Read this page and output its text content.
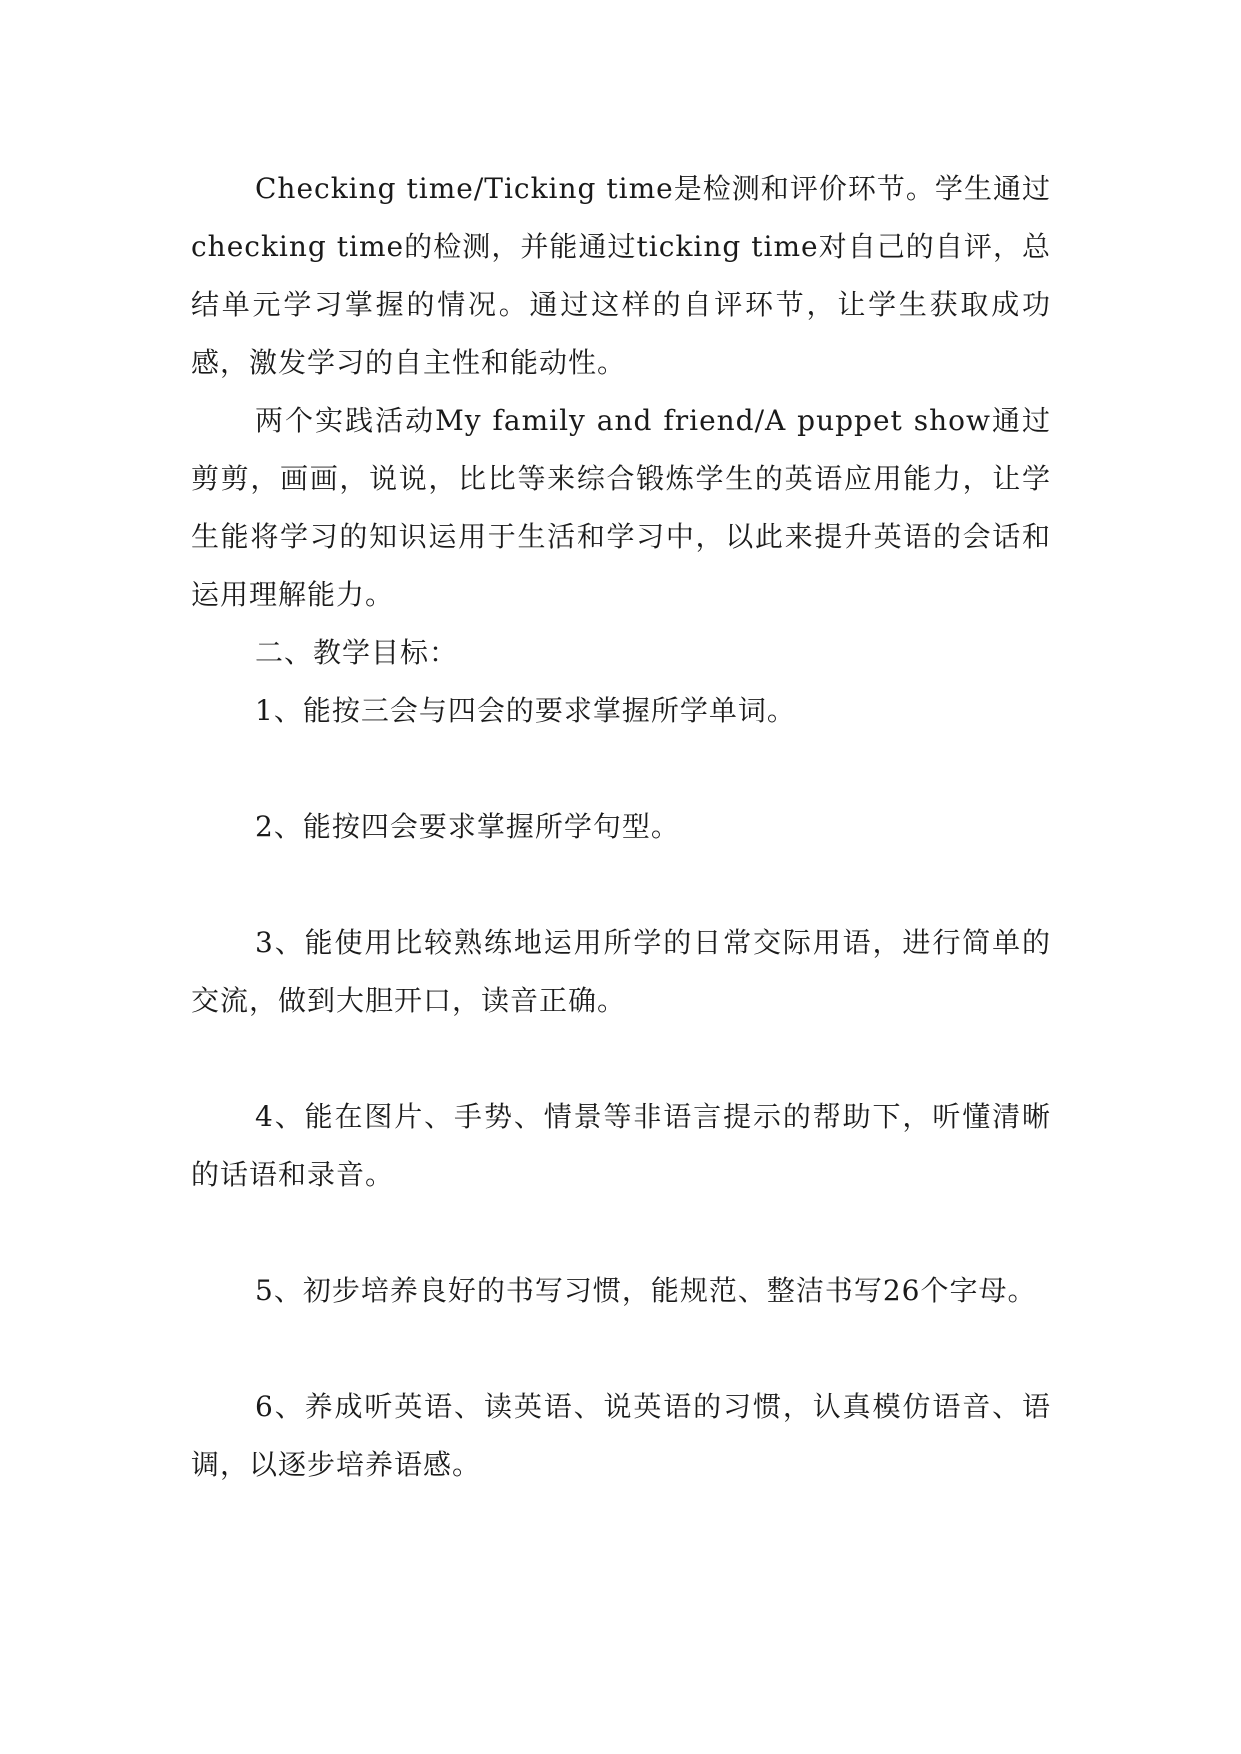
Checking time/Ticking time是检测和评价环节。学生通过checking time的检测，并能通过ticking time对自己的自评，总结单元学习掌握的情况。通过这样的自评环节，让学生获取成功感，激发学习的自主性和能动性。

两个实践活动My family and friend/A puppet show通过剪剪，画画，说说，比比等来综合锻炼学生的英语应用能力，让学生能将学习的知识运用于生活和学习中，以此来提升英语的会话和运用理解能力。

二、教学目标：

1、能按三会与四会的要求掌握所学单词。

2、能按四会要求掌握所学句型。

3、能使用比较熟练地运用所学的日常交际用语，进行简单的交流，做到大胆开口，读音正确。

4、能在图片、手势、情景等非语言提示的帮助下，听懂清晰的话语和录音。

5、初步培养良好的书写习惯，能规范、整洁书写26个字母。

6、养成听英语、读英语、说英语的习惯，认真模仿语音、语调，以逐步培养语感。
